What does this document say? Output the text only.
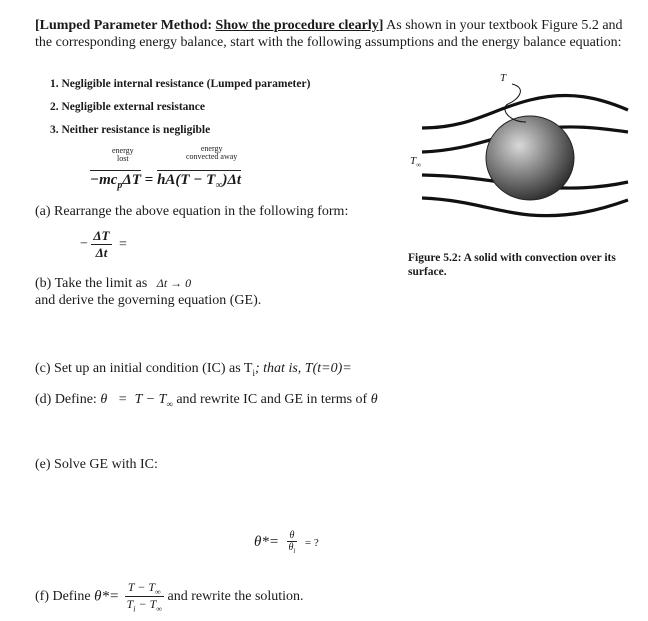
[Lumped Parameter Method: Show the procedure clearly] As shown in your textbook Figure 5.2 and the corresponding energy balance, start with the following assumptions and the energy balance equation:
1. Negligible internal resistance (Lumped parameter)
2. Negligible external resistance
3. Neither resistance is negligible
energy
lost
energy
convected away
$-mc_p\Delta T = hA(T - T_\infty)\Delta t$
(a) Rearrange the above equation in the following form:
− $\frac{\Delta T}{\Delta t}$ =
(b) Take the limit as Δt → 0
and derive the governing equation (GE).
(c) Set up an initial condition (IC) as $T_i$; that is, T(t=0)=
(d) Define: $\theta = T - T_\infty$ and rewrite IC and GE in terms of θ
(e) Solve GE with IC:
$\theta*= \frac{\theta}{\theta_i}$ = ?
(f) Define $\theta*= \frac{T - T_\infty}{T_i - T_\infty}$ and rewrite the solution.
T
$T_\infty$
Figure 5.2: A solid with convection over its surface.
